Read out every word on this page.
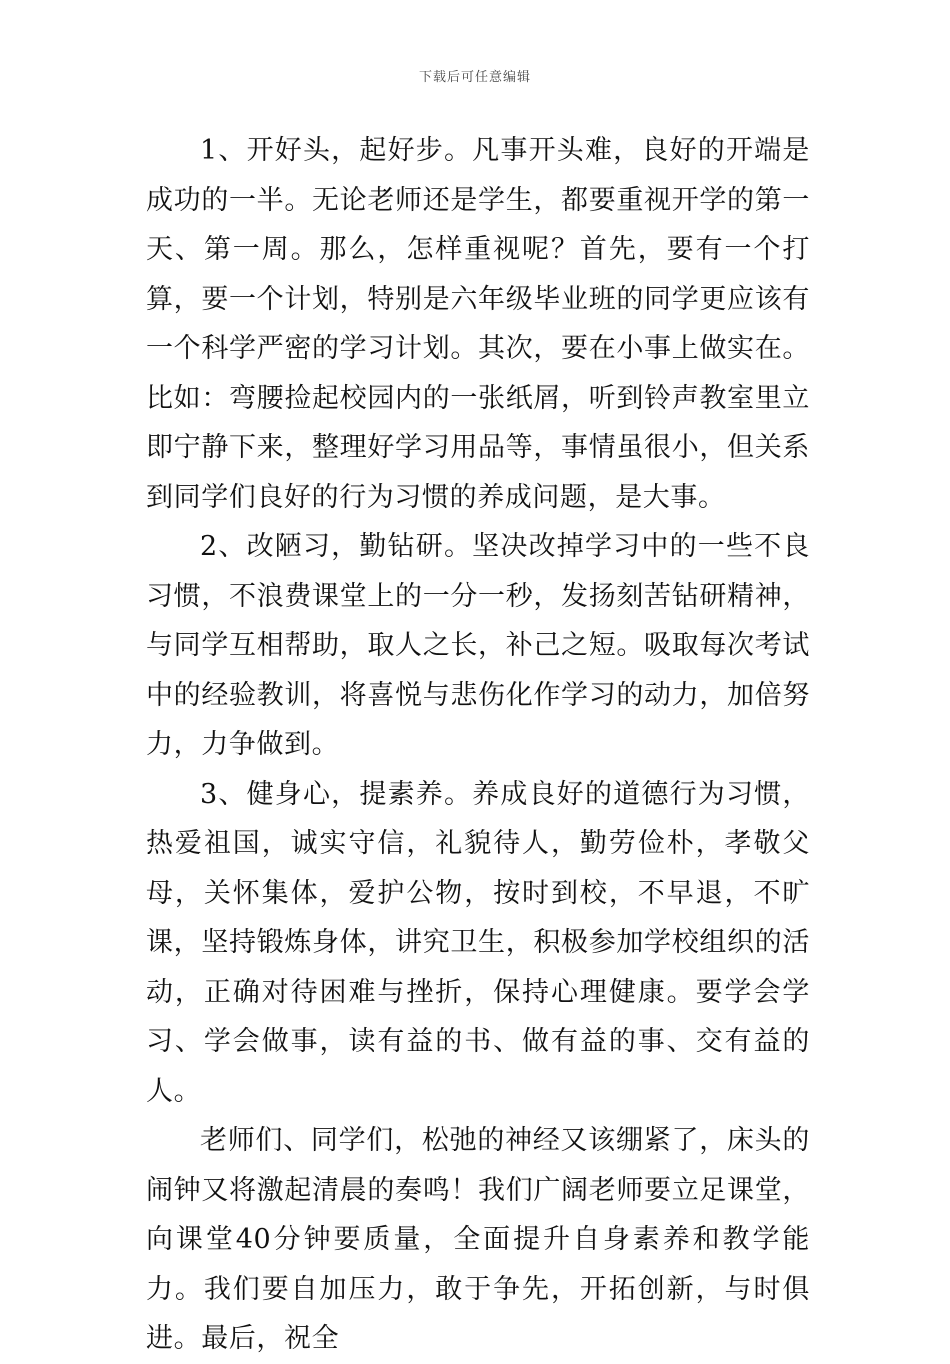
下载后可任意编辑

1、开好头，起好步。凡事开头难，良好的开端是成功的一半。无论老师还是学生，都要重视开学的第一天、第一周。那么，怎样重视呢？首先，要有一个打算，要一个计划，特别是六年级毕业班的同学更应该有一个科学严密的学习计划。其次，要在小事上做实在。比如：弯腰捡起校园内的一张纸屑，听到铃声教室里立即宁静下来，整理好学习用品等，事情虽很小，但关系到同学们良好的行为习惯的养成问题，是大事。

2、改陋习，勤钻研。坚决改掉学习中的一些不良习惯，不浪费课堂上的一分一秒，发扬刻苦钻研精神，与同学互相帮助，取人之长，补己之短。吸取每次考试中的经验教训，将喜悦与悲伤化作学习的动力，加倍努力，力争做到。

3、健身心，提素养。养成良好的道德行为习惯，热爱祖国，诚实守信，礼貌待人，勤劳俭朴，孝敬父母，关怀集体，爱护公物，按时到校，不早退，不旷课，坚持锻炼身体，讲究卫生，积极参加学校组织的活动，正确对待困难与挫折，保持心理健康。要学会学习、学会做事，读有益的书、做有益的事、交有益的人。

老师们、同学们，松弛的神经又该绷紧了，床头的闹钟又将激起清晨的奏鸣！我们广阔老师要立足课堂，向课堂40分钟要质量，全面提升自身素养和教学能力。我们要自加压力，敢于争先，开拓创新，与时俱进。最后，祝全
